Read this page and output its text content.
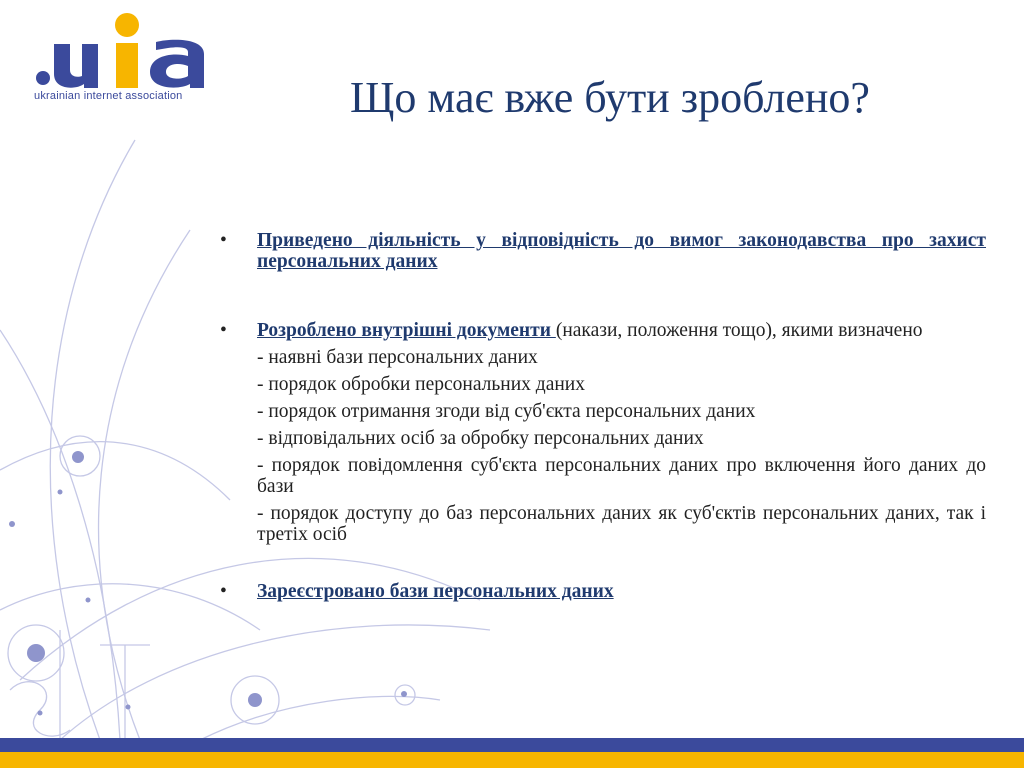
ukrainian internet association	Що має вже бути зроблено?
• Приведено діяльність у відповідність до вимог законодавства про захист персональних даних
• Розроблено внутрішні документи (накази, положення тощо), якими визначено
- наявні бази персональних даних
- порядок обробки персональних даних
- порядок отримання згоди від суб'єкта персональних даних
- відповідальних осіб за обробку персональних даних
- порядок повідомлення суб'єкта персональних даних про включення його даних до бази
- порядок доступу до баз персональних даних як суб'єктів персональних даних, так і третіх осіб
• Зареєстровано бази персональних даних
